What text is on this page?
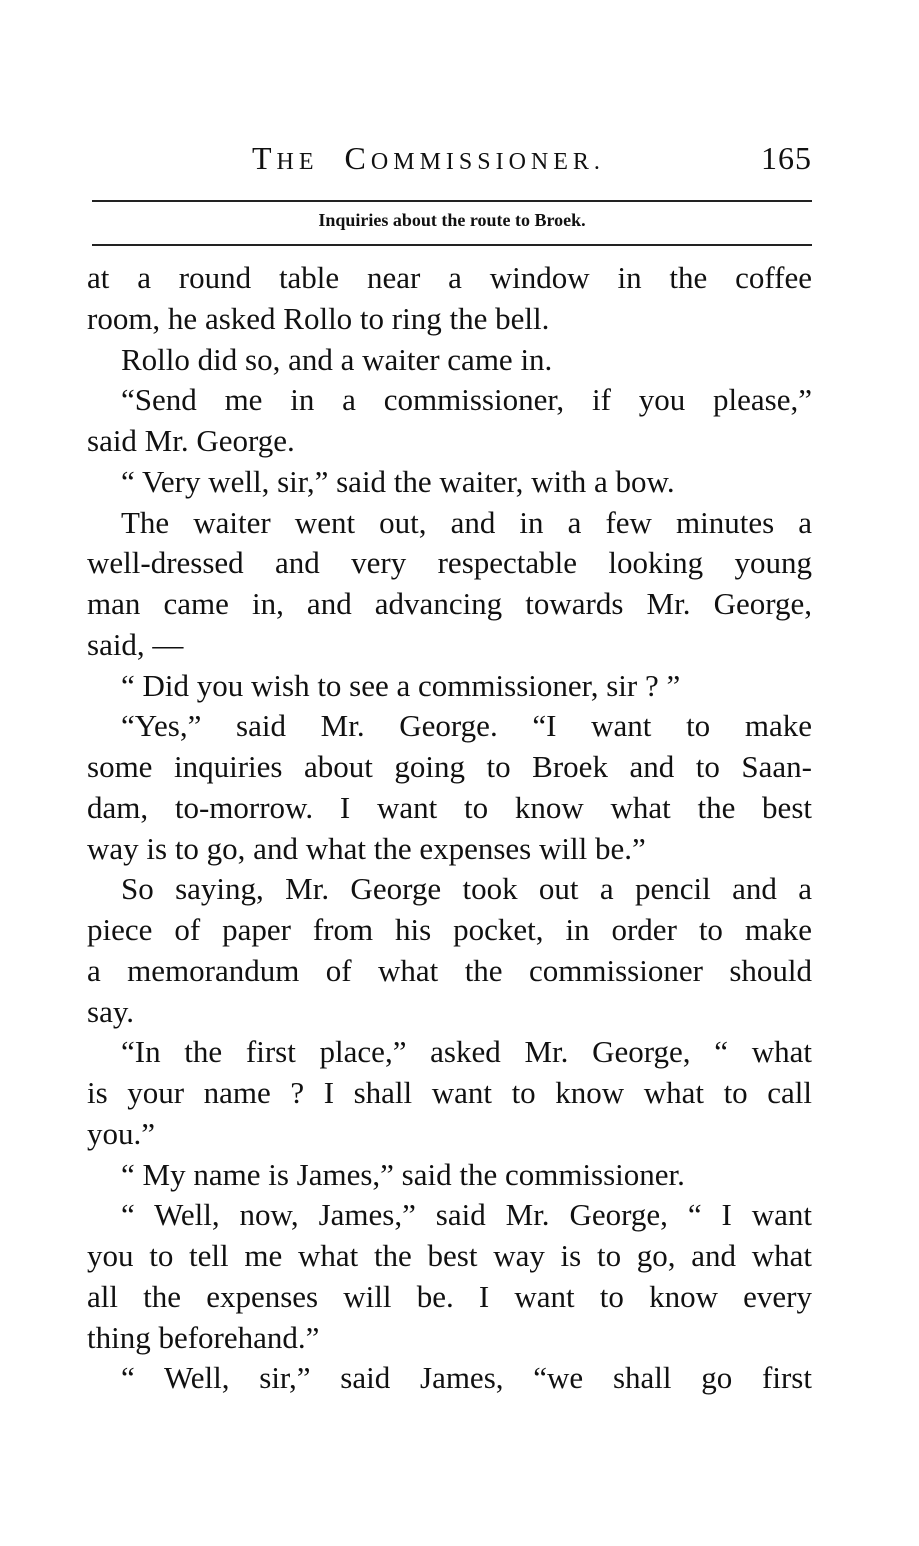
THE COMMISSIONER.	165
Inquiries about the route to Broek.
at a round table near a window in the coffee
room, he asked Rollo to ring the bell.
Rollo did so, and a waiter came in.
“Send me in a commissioner, if you please,”
said Mr. George.
“ Very well, sir,” said the waiter, with a bow.
The waiter went out, and in a few minutes a
well-dressed and very respectable looking young
man came in, and advancing towards Mr. George,
said, —
“ Did you wish to see a commissioner, sir ? ”
“Yes,” said Mr. George. “I want to make
some inquiries about going to Broek and to Saan-
dam, to-morrow. I want to know what the best
way is to go, and what the expenses will be.”
So saying, Mr. George took out a pencil and a
piece of paper from his pocket, in order to make
a memorandum of what the commissioner should
say.
“In the first place,” asked Mr. George, “ what
is your name ? I shall want to know what to call
you.”
“ My name is James,” said the commissioner.
“ Well, now, James,” said Mr. George, “ I want
you to tell me what the best way is to go, and what
all the expenses will be. I want to know every
thing beforehand.”
“ Well, sir,” said James, “we shall go first
